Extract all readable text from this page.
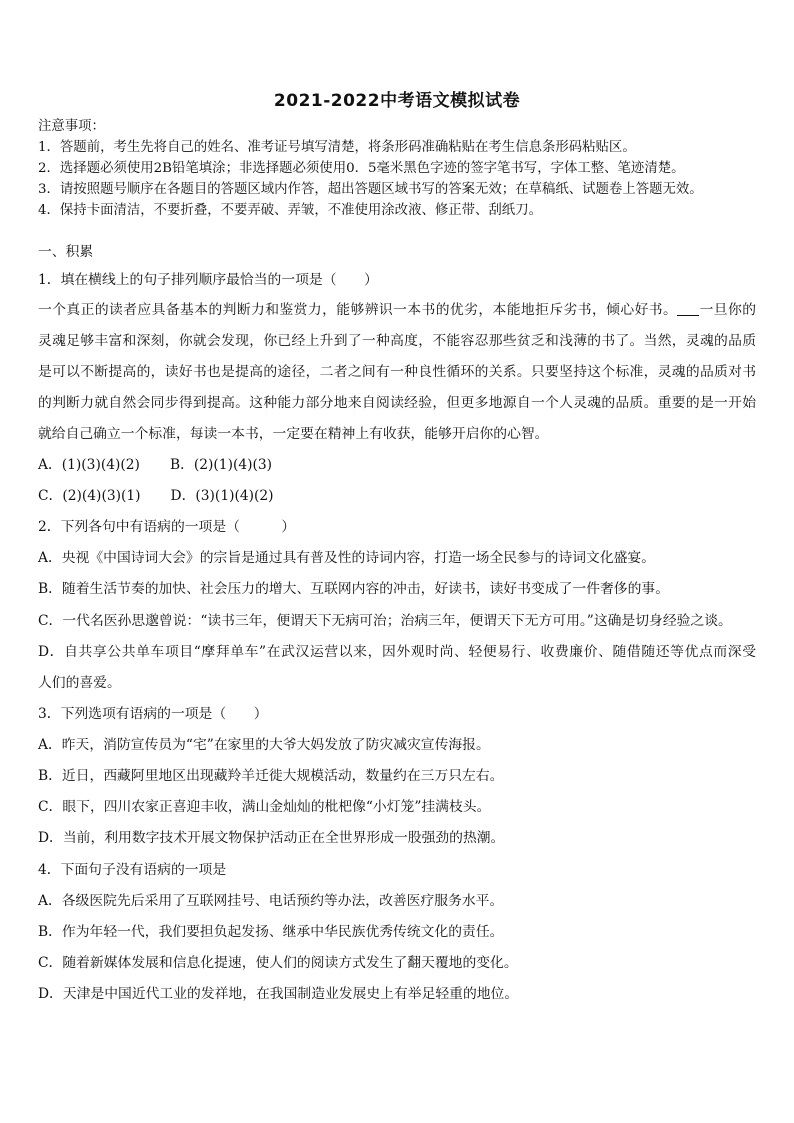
2021-2022中考语文模拟试卷
注意事项：
1．答题前，考生先将自己的姓名、准考证号填写清楚，将条形码准确粘贴在考生信息条形码粘贴区。
2．选择题必须使用2B铅笔填涂；非选择题必须使用0．5毫米黑色字迹的签字笔书写，字体工整、笔迹清楚。
3．请按照题号顺序在各题目的答题区域内作答，超出答题区域书写的答案无效；在草稿纸、试题卷上答题无效。
4．保持卡面清洁，不要折叠，不要弄破、弄皱，不准使用涂改液、修正带、刮纸刀。
一、积累
1．填在横线上的句子排列顺序最恰当的一项是（　　）
一个真正的读者应具备基本的判断力和鉴赏力，能够辨识一本书的优劣，本能地拒斥劣书，倾心好书。 一旦你的
灵魂足够丰富和深刻，你就会发现，你已经上升到了一种高度，不能容忍那些贫乏和浅薄的书了。当然，灵魂的品质
是可以不断提高的，读好书也是提高的途径，二者之间有一种良性循环的关系。只要坚持这个标准，灵魂的品质对书
的判断力就自然会同步得到提高。这种能力部分地来自阅读经验，但更多地源自一个人灵魂的品质。重要的是一开始
就给自己确立一个标准，每读一本书，一定要在精神上有收获，能够开启你的心智。
A．(1)(3)(4)(2) B．(2)(1)(4)(3)
C．(2)(4)(3)(1) D．(3)(1)(4)(2)
2．下列各句中有语病的一项是（　　　）
A．央视《中国诗词大会》的宗旨是通过具有普及性的诗词内容，打造一场全民参与的诗词文化盛宴。
B．随着生活节奏的加快、社会压力的增大、互联网内容的冲击，好读书，读好书变成了一件奢侈的事。
C．一代名医孙思邈曾说：“读书三年，便谓天下无病可治；治病三年，便谓天下无方可用。”这确是切身经验之谈。
D．自共享公共单车项目“摩拜单车”在武汉运营以来，因外观时尚、轻便易行、收费廉价、随借随还等优点而深受
人们的喜爱。
3．下列选项有语病的一项是（　　）
A．昨天，消防宣传员为“宅”在家里的大爷大妈发放了防灾减灾宣传海报。
B．近日，西藏阿里地区出现藏羚羊迁徙大规模活动，数量约在三万只左右。
C．眼下，四川农家正喜迎丰收，满山金灿灿的枇杷像“小灯笼”挂满枝头。
D．当前，利用数字技术开展文物保护活动正在全世界形成一股强劲的热潮。
4．下面句子没有语病的一项是
A．各级医院先后采用了互联网挂号、电话预约等办法，改善医疗服务水平。
B．作为年轻一代，我们要担负起发扬、继承中华民族优秀传统文化的责任。
C．随着新媒体发展和信息化提速，使人们的阅读方式发生了翻天覆地的变化。
D．天津是中国近代工业的发祥地，在我国制造业发展史上有举足轻重的地位。
